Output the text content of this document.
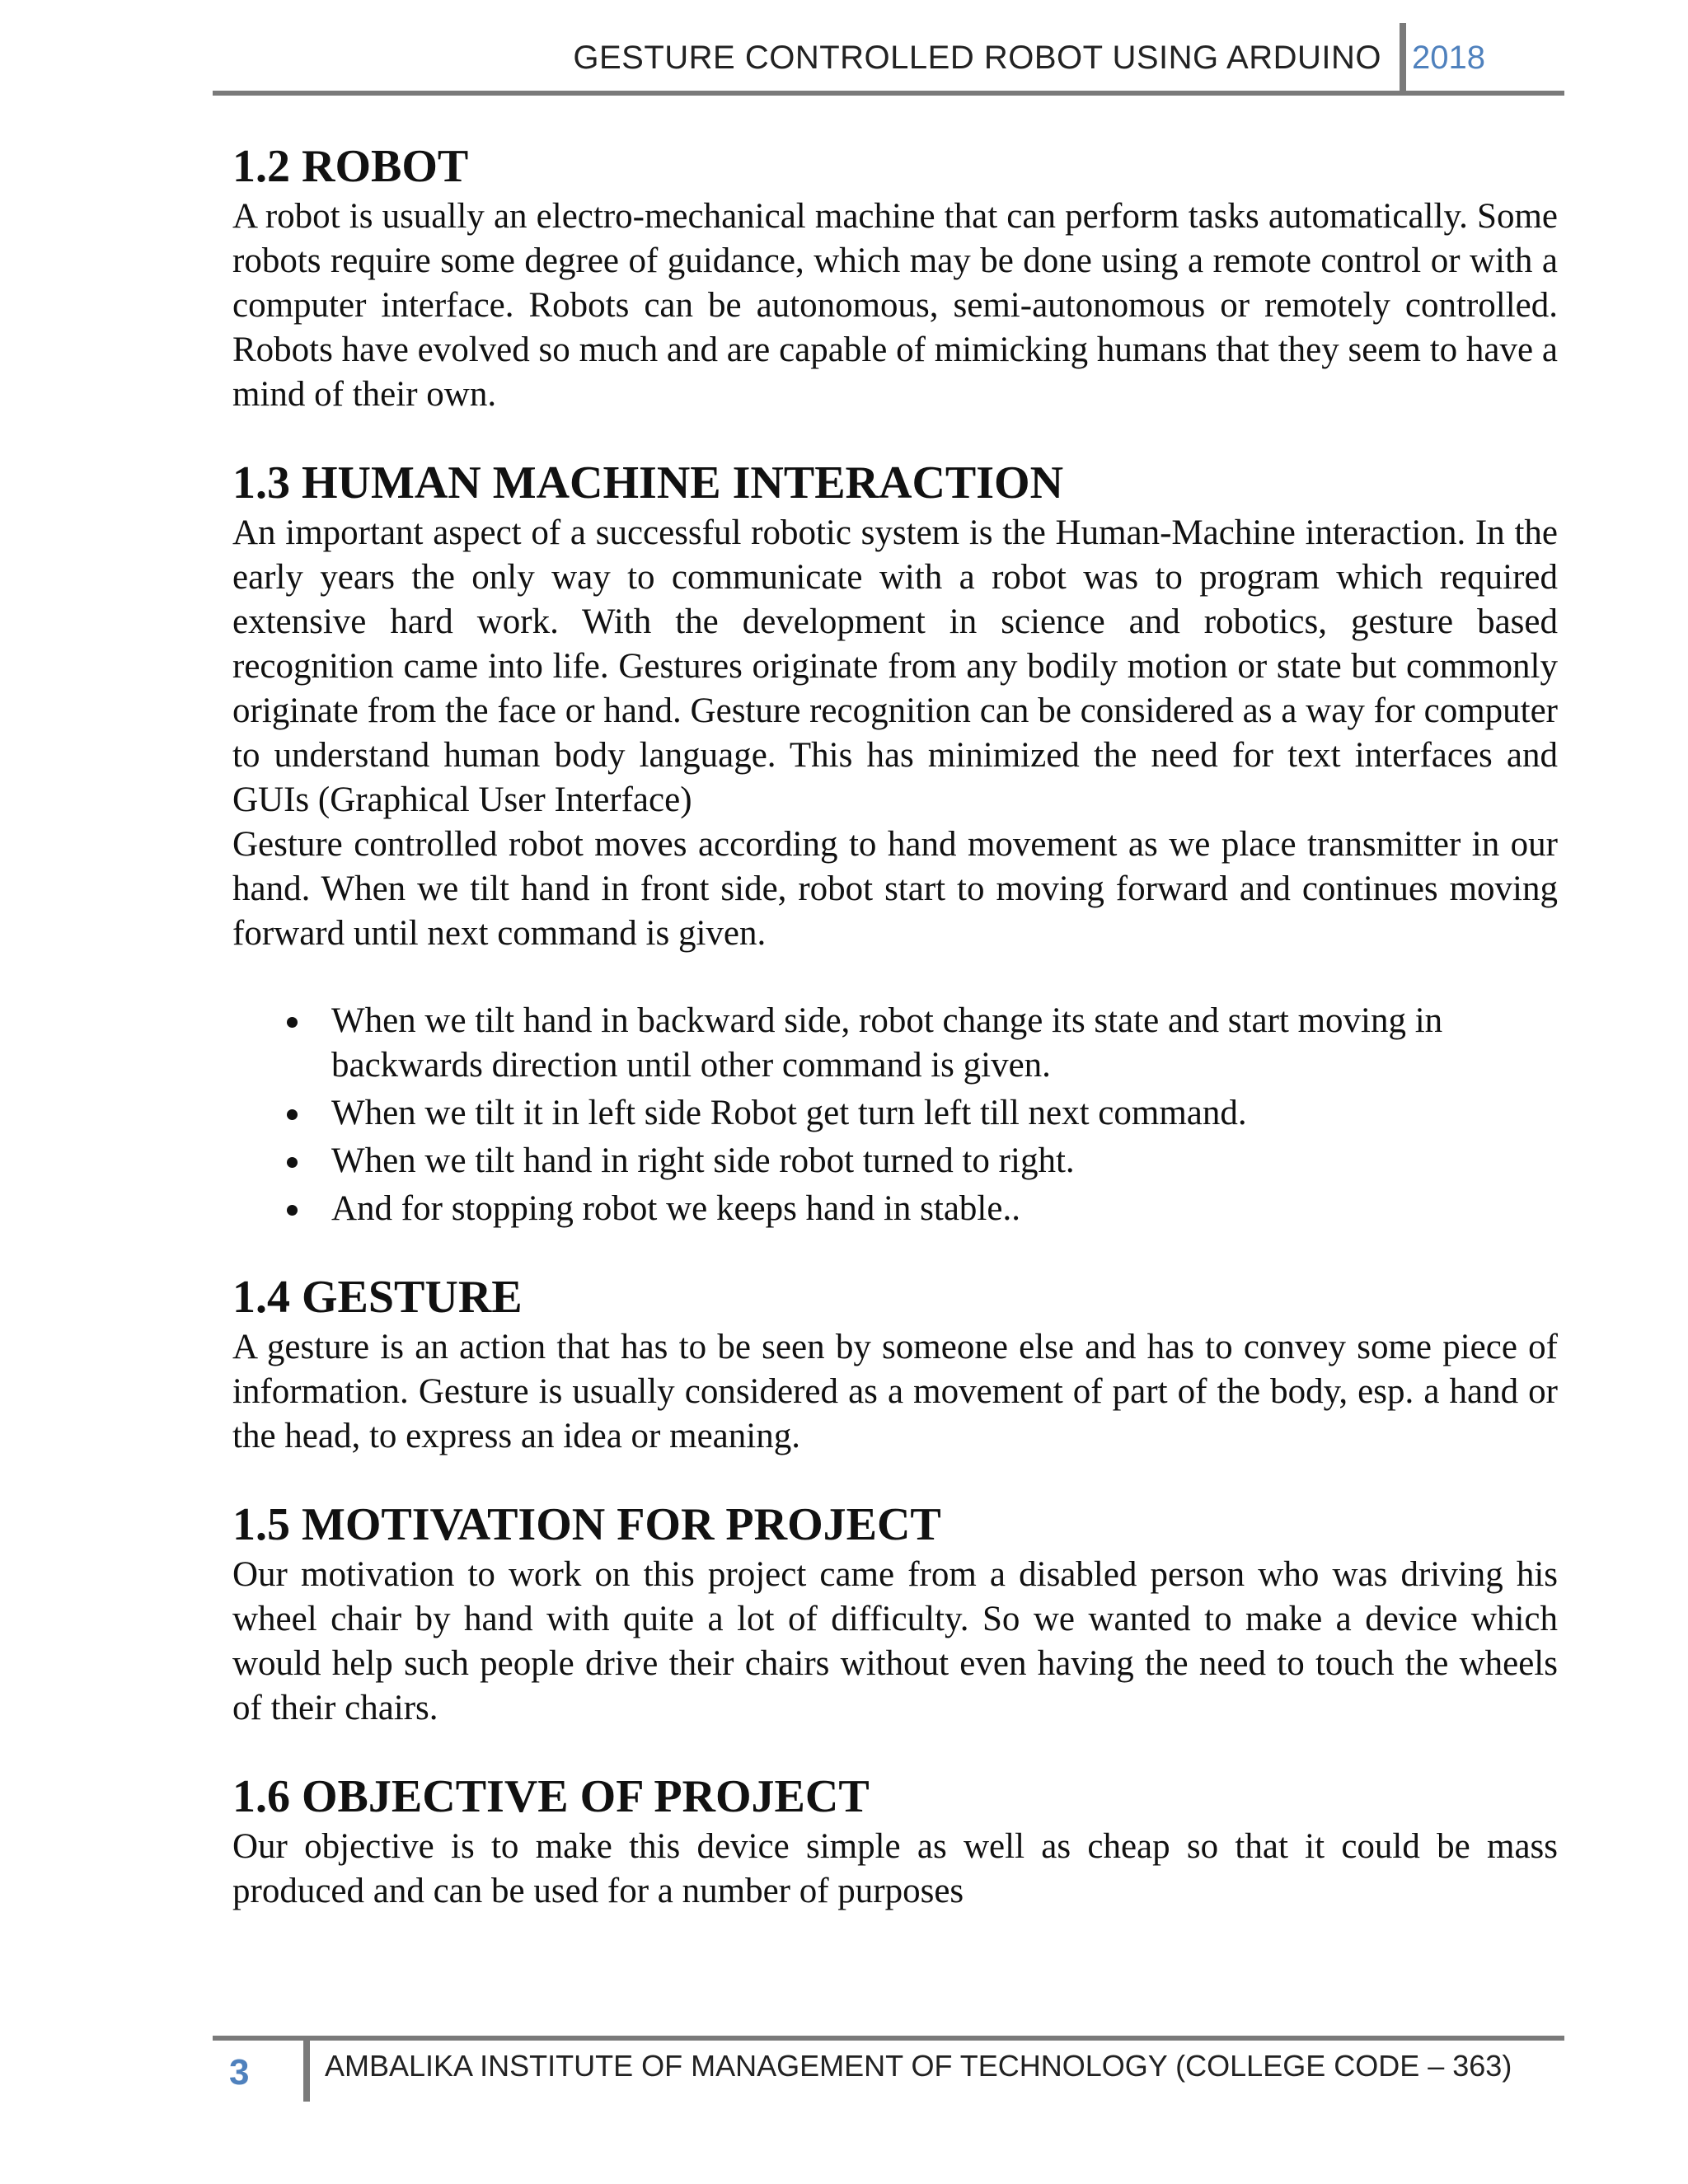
GESTURE CONTROLLED ROBOT USING ARDUINO 2018
1.2 ROBOT

A robot is usually an electro-mechanical machine that can perform tasks automatically. Some robots require some degree of guidance, which may be done using a remote control or with a computer interface. Robots can be autonomous, semi-autonomous or remotely controlled. Robots have evolved so much and are capable of mimicking humans that they seem to have a mind of their own.

1.3 HUMAN MACHINE INTERACTION

An important aspect of a successful robotic system is the Human-Machine interaction. In the early years the only way to communicate with a robot was to program which required extensive hard work. With the development in science and robotics, gesture based recognition came into life. Gestures originate from any bodily motion or state but commonly originate from the face or hand. Gesture recognition can be considered as a way for computer to understand human body language. This has minimized the need for text interfaces and GUIs (Graphical User Interface)

Gesture controlled robot moves according to hand movement as we place transmitter in our hand. When we tilt hand in front side, robot start to moving forward and continues moving forward until next command is given.

When we tilt hand in backward side, robot change its state and start moving in backwards direction until other command is given.
When we tilt it in left side Robot get turn left till next command.
When we tilt hand in right side robot turned to right.
And for stopping robot we keeps hand in stable..
1.4 GESTURE

A gesture is an action that has to be seen by someone else and has to convey some piece of information. Gesture is usually considered as a movement of part of the body, esp. a hand or the head, to express an idea or meaning.

1.5 MOTIVATION FOR PROJECT

Our motivation to work on this project came from a disabled person who was driving his wheel chair by hand with quite a lot of difficulty. So we wanted to make a device which would help such people drive their chairs without even having the need to touch the wheels of their chairs.

1.6 OBJECTIVE OF PROJECT

Our objective is to make this device simple as well as cheap so that it could be mass produced and can be used for a number of purposes

3	AMBALIKA INSTITUTE OF MANAGEMENT OF TECHNOLOGY (COLLEGE CODE – 363)
